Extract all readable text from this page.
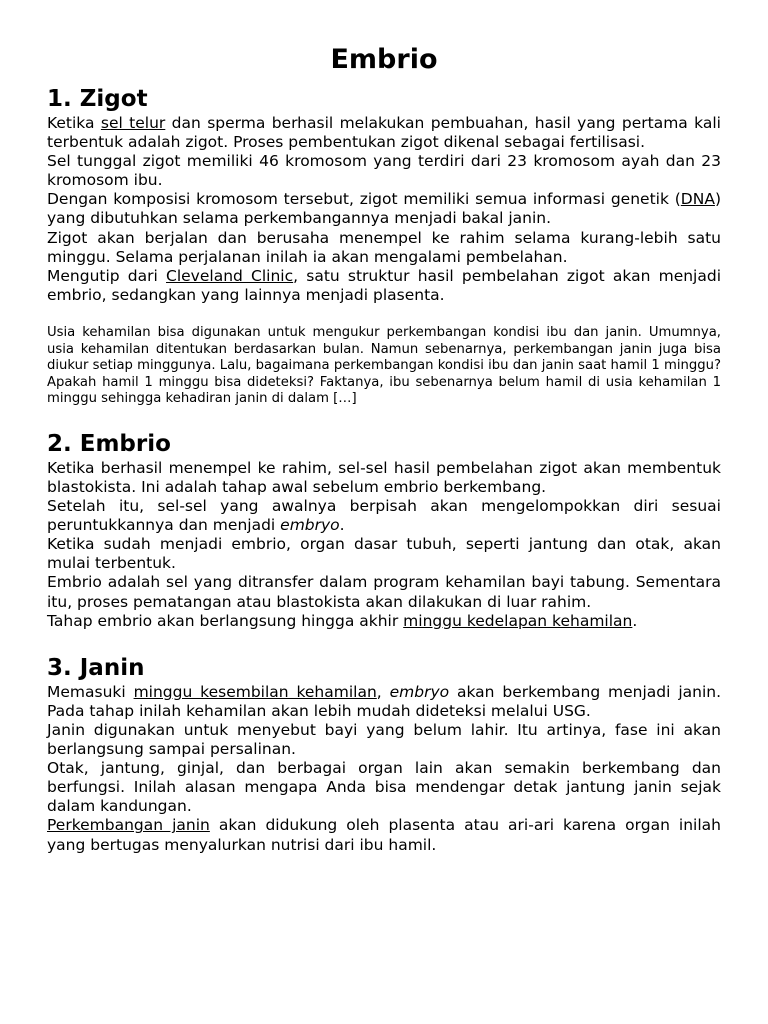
Embrio
1. Zigot

Ketika sel telur dan sperma berhasil melakukan pembuahan, hasil yang pertama kali terbentuk adalah zigot. Proses pembentukan zigot dikenal sebagai fertilisasi.

Sel tunggal zigot memiliki 46 kromosom yang terdiri dari 23 kromosom ayah dan 23 kromosom ibu.

Dengan komposisi kromosom tersebut, zigot memiliki semua informasi genetik (DNA) yang dibutuhkan selama perkembangannya menjadi bakal janin.

Zigot akan berjalan dan berusaha menempel ke rahim selama kurang-lebih satu minggu. Selama perjalanan inilah ia akan mengalami pembelahan.

Mengutip dari Cleveland Clinic, satu struktur hasil pembelahan zigot akan menjadi embrio, sedangkan yang lainnya menjadi plasenta.

Usia kehamilan bisa digunakan untuk mengukur perkembangan kondisi ibu dan janin. Umumnya, usia kehamilan ditentukan berdasarkan bulan. Namun sebenarnya, perkembangan janin juga bisa diukur setiap minggunya. Lalu, bagaimana perkembangan kondisi ibu dan janin saat hamil 1 minggu? Apakah hamil 1 minggu bisa dideteksi? Faktanya, ibu sebenarnya belum hamil di usia kehamilan 1 minggu sehingga kehadiran janin di dalam […]

2. Embrio

Ketika berhasil menempel ke rahim, sel-sel hasil pembelahan zigot akan membentuk blastokista. Ini adalah tahap awal sebelum embrio berkembang.

Setelah itu, sel-sel yang awalnya berpisah akan mengelompokkan diri sesuai peruntukkannya dan menjadi embryo.

Ketika sudah menjadi embrio, organ dasar tubuh, seperti jantung dan otak, akan mulai terbentuk.

Embrio adalah sel yang ditransfer dalam program kehamilan bayi tabung. Sementara itu, proses pematangan atau blastokista akan dilakukan di luar rahim.

Tahap embrio akan berlangsung hingga akhir minggu kedelapan kehamilan.

3. Janin

Memasuki minggu kesembilan kehamilan, embryo akan berkembang menjadi janin. Pada tahap inilah kehamilan akan lebih mudah dideteksi melalui USG.

Janin digunakan untuk menyebut bayi yang belum lahir. Itu artinya, fase ini akan berlangsung sampai persalinan.

Otak, jantung, ginjal, dan berbagai organ lain akan semakin berkembang dan berfungsi. Inilah alasan mengapa Anda bisa mendengar detak jantung janin sejak dalam kandungan.

Perkembangan janin akan didukung oleh plasenta atau ari-ari karena organ inilah yang bertugas menyalurkan nutrisi dari ibu hamil.
